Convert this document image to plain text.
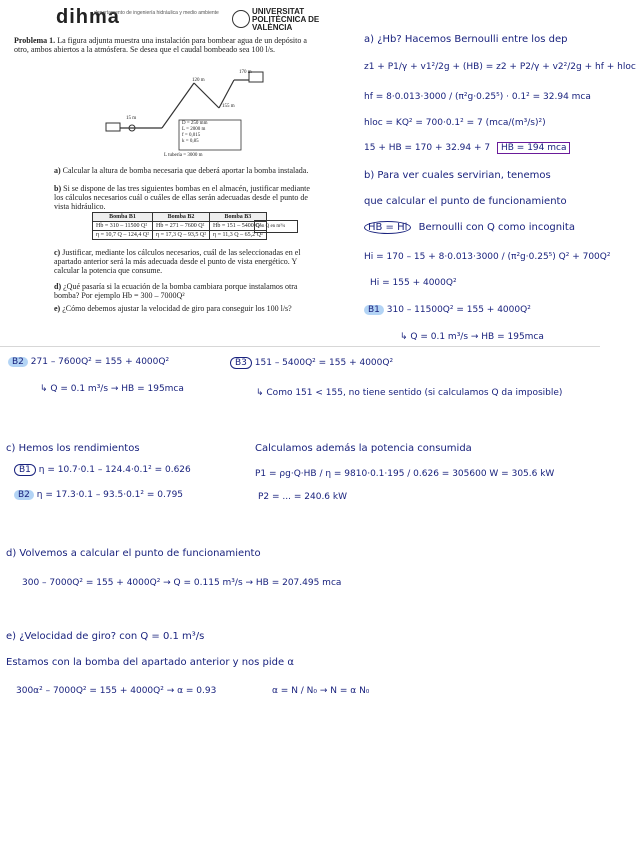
dihma
departamento de ingeniería hidráulica y medio ambiente	UNIVERSITAT POLITÈCNICA DE VALÈNCIA
Problema 1. La figura adjunta muestra una instalación para bombear agua de un depósito a otro, ambos abiertos a la atmósfera. Se desea que el caudal bombeado sea 100 l/s.
15 m
170 m
120 m
155 m
D = 250 mm
L = 2000 m
f = 0,015
k = 0,85
L tubería = 3000 m
a) Calcular la altura de bomba necesaria que deberá aportar la bomba instalada.
b) Si se dispone de las tres siguientes bombas en el almacén, justificar mediante los cálculos necesarios cuál o cuáles de ellas serán adecuadas desde el punto de vista hidráulico.
Bomba B1	Bomba B2	Bomba B3
Hb = 310 – 11500 Q²	Hb = 271 – 7600 Q²	Hb = 151 – 5400 Q²
η = 10,7 Q – 124,4 Q²	η = 17,3 Q – 93,5 Q²	η = 11,3 Q – 65,2 Q²
Con Q en m³/s
c) Justificar, mediante los cálculos necesarios, cuál de las seleccionadas en el apartado anterior será la más adecuada desde el punto de vista energético. Y calcular la potencia que consume.
d) ¿Qué pasaría si la ecuación de la bomba cambiara porque instalamos otra bomba? Por ejemplo Hb = 300 – 7000Q²
e) ¿Cómo debemos ajustar la velocidad de giro para conseguir los 100 l/s?
a) ¿Hb? Hacemos Bernoulli entre los dep
z1 + P1/γ + v1²/2g + (HB) = z2 + P2/γ + v2²/2g + hf + hloc
hf = 8·0.013·3000 / (π²g·0.25⁵) · 0.1² = 32.94 mca
hloc = KQ² = 700·0.1² = 7 (mca/(m³/s)²)
15 + HB = 170 + 32.94 + 7 HB = 194 mca
b) Para ver cuales servirian, tenemos
que calcular el punto de funcionamiento
HB = Hi Bernoulli con Q como incognita
Hi = 170 – 15 + 8·0.013·3000 / (π²g·0.25⁵) Q² + 700Q²
Hi = 155 + 4000Q²
B1 310 – 11500Q² = 155 + 4000Q²
↳ Q = 0.1 m³/s → HB = 195mca
B2 271 – 7600Q² = 155 + 4000Q²
↳ Q = 0.1 m³/s → HB = 195mca
B3 151 – 5400Q² = 155 + 4000Q²
↳ Como 151 < 155, no tiene sentido (si calculamos Q da imposible)
c) Hemos los rendimientos
B1 η = 10.7·0.1 – 124.4·0.1² = 0.626
B2 η = 17.3·0.1 – 93.5·0.1² = 0.795
Calculamos además la potencia consumida
P1 = ρg·Q·HB / η = 9810·0.1·195 / 0.626 = 305600 W = 305.6 kW
P2 = ... = 240.6 kW
d) Volvemos a calcular el punto de funcionamiento
300 – 7000Q² = 155 + 4000Q² → Q = 0.115 m³/s → HB = 207.495 mca
e) ¿Velocidad de giro? con Q = 0.1 m³/s
Estamos con la bomba del apartado anterior y nos pide α
300α² – 7000Q² = 155 + 4000Q² → α = 0.93	α = N / N₀ → N = α N₀
